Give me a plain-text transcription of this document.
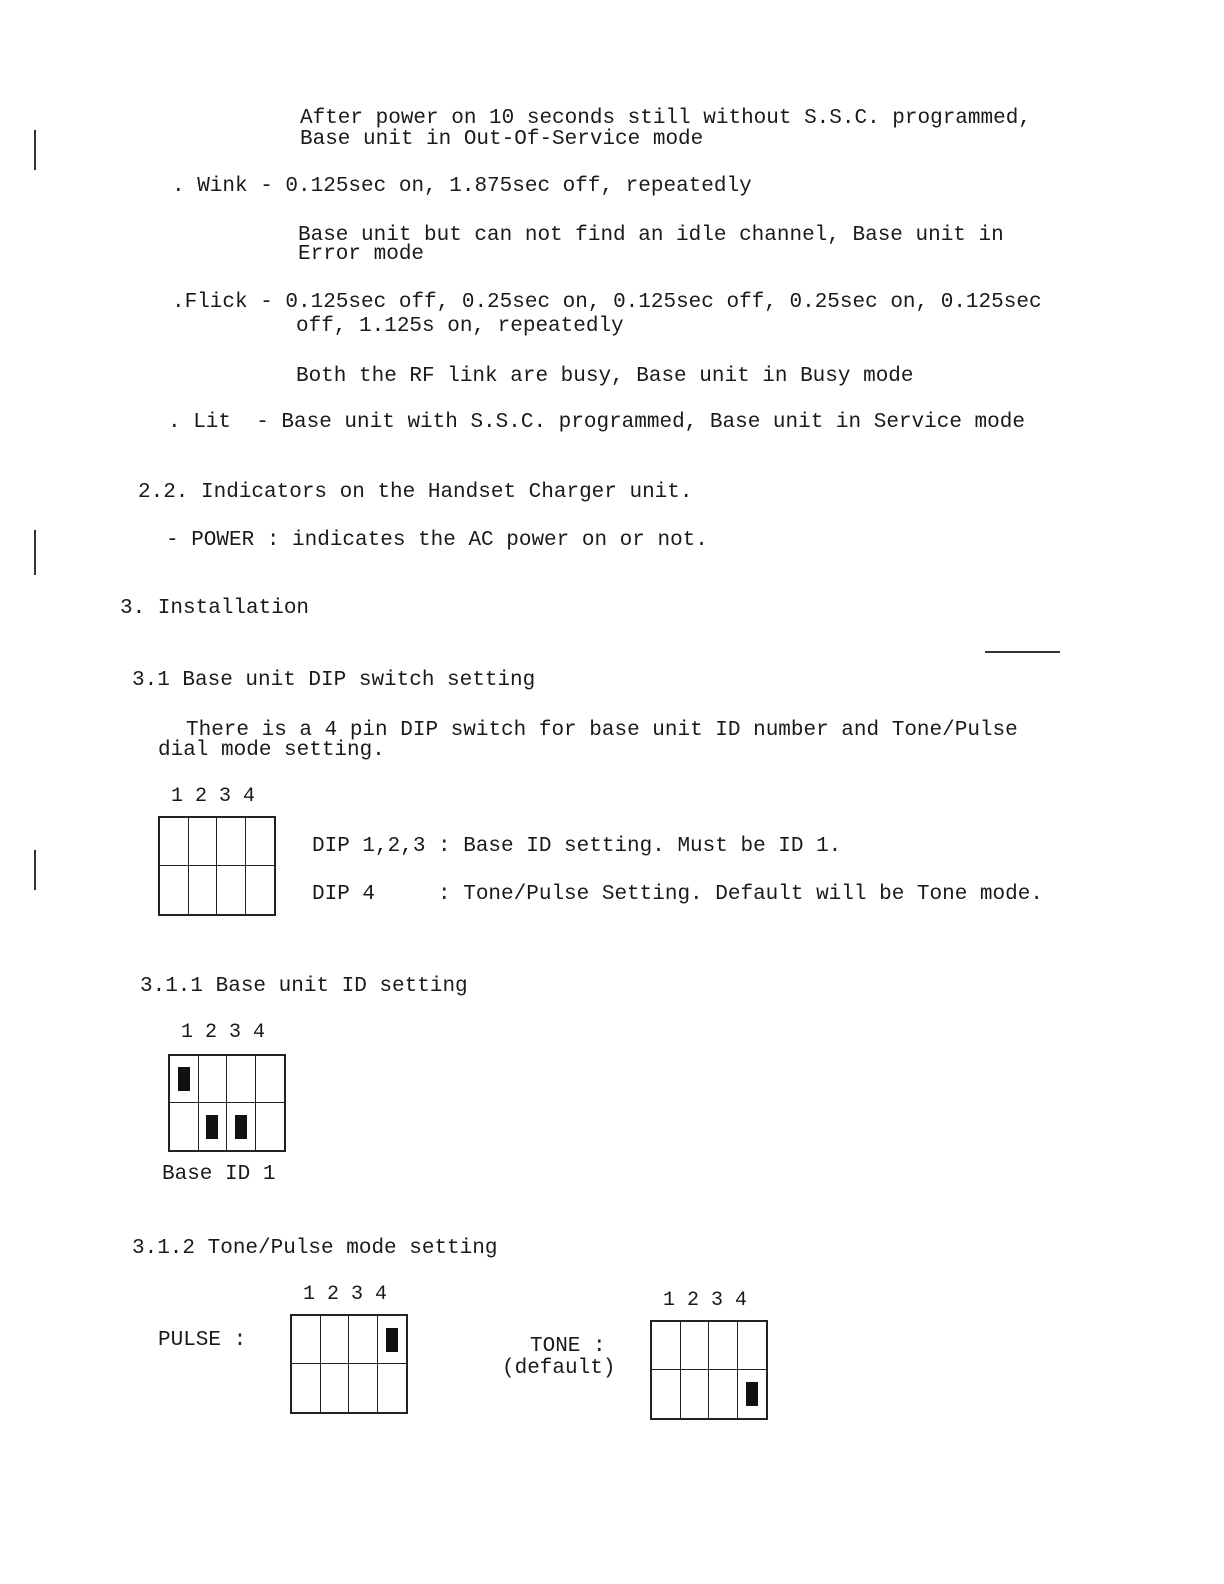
After power on 10 seconds still without S.S.C. programmed,

Base unit in Out-Of-Service mode

. Wink - 0.125sec on, 1.875sec off, repeatedly

Base unit but can not find an idle channel, Base unit in

Error mode

.Flick - 0.125sec off, 0.25sec on, 0.125sec off, 0.25sec on, 0.125sec

off, 1.125s on, repeatedly

Both the RF link are busy, Base unit in Busy mode

. Lit  - Base unit with S.S.C. programmed, Base unit in Service mode

2.2. Indicators on the Handset Charger unit.

- POWER : indicates the AC power on or not.

3. Installation

3.1 Base unit DIP switch setting

There is a 4 pin DIP switch for base unit ID number and Tone/Pulse

dial mode setting.

1 2 3 4

DIP 1,2,3 : Base ID setting. Must be ID 1.

DIP 4     : Tone/Pulse Setting. Default will be Tone mode.

3.1.1 Base unit ID setting

1 2 3 4

Base ID 1

3.1.2 Tone/Pulse mode setting

PULSE :

1 2 3 4

TONE :

(default)

1 2 3 4
